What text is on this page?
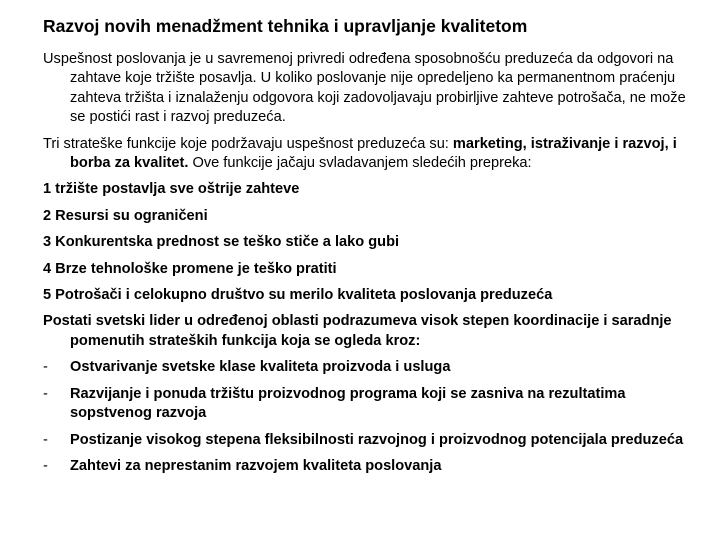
Razvoj novih menadžment tehnika i upravljanje kvalitetom

Uspešnost poslovanja je u savremenoj privredi određena sposobnošću preduzeća da odgovori na zahtave koje tržište posavlja. U koliko poslovanje nije opredeljeno ka permanentnom praćenju zahteva tržišta i iznalaženju odgovora koji zadovoljavaju probirljive zahteve potrošača, ne može se postići rast i razvoj preduzeća.

Tri strateške funkcije koje podržavaju uspešnost preduzeća su: marketing, istraživanje i razvoj, i borba za kvalitet. Ove funkcije jačaju svladavanjem sledećih prepreka:

1 tržište postavlja sve oštrije zahteve

2 Resursi su ograničeni

3 Konkurentska prednost se teško stiče a lako gubi

4 Brze tehnološke promene je teško pratiti

5 Potrošači i celokupno društvo su merilo kvaliteta poslovanja preduzeća

Postati svetski lider u određenoj oblasti podrazumeva visok stepen koordinacije i saradnje pomenutih strateških funkcija koja se ogleda kroz:

-	Ostvarivanje svetske klase kvaliteta proizvoda i usluga
-	Razvijanje i ponuda tržištu proizvodnog programa koji se zasniva na rezultatima sopstvenog razvoja
-	Postizanje visokog stepena fleksibilnosti razvojnog i proizvodnog potencijala preduzeća
-	Zahtevi za neprestanim razvojem kvaliteta poslovanja
